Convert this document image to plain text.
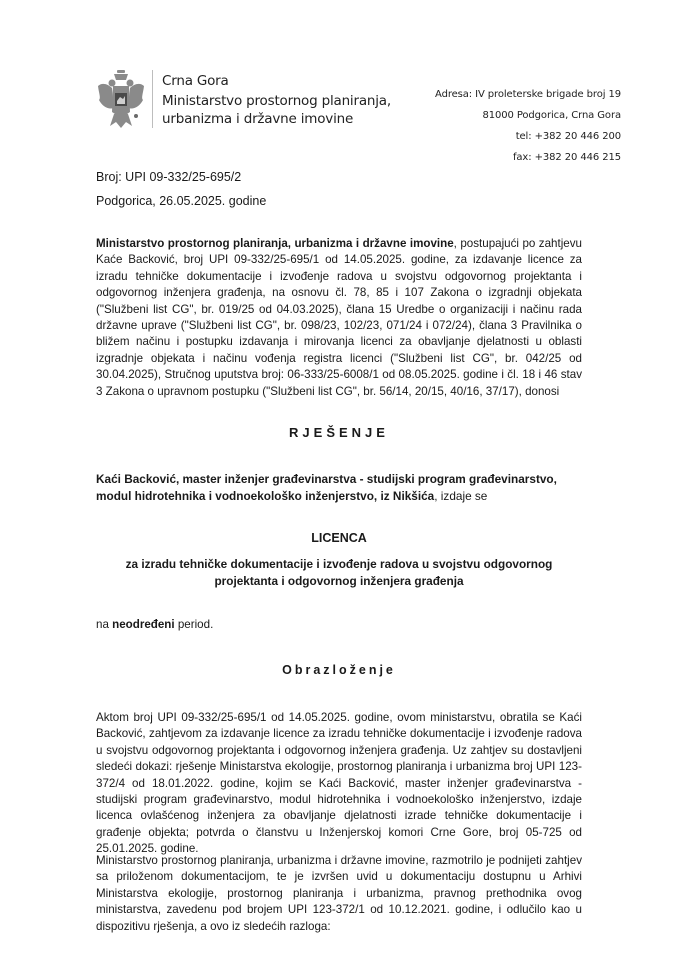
Crna Gora
Ministarstvo prostornog planiranja,
urbanizma i državne imovine
Adresa: IV proleterske brigade broj 19
81000 Podgorica, Crna Gora
tel: +382 20 446 200
fax: +382 20 446 215
Broj: UPI 09-332/25-695/2
Podgorica, 26.05.2025. godine
Ministarstvo prostornog planiranja, urbanizma i državne imovine, postupajući po zahtjevu Kaće Backović, broj UPI 09-332/25-695/1 od 14.05.2025. godine, za izdavanje licence za izradu tehničke dokumentacije i izvođenje radova u svojstvu odgovornog projektanta i odgovornog inženjera građenja, na osnovu čl. 78, 85 i 107 Zakona o izgradnji objekata ("Službeni list CG", br. 019/25 od 04.03.2025), člana 15 Uredbe o organizaciji i načinu rada državne uprave ("Službeni list CG", br. 098/23, 102/23, 071/24 i 072/24), člana 3 Pravilnika o bližem načinu i postupku izdavanja i mirovanja licenci za obavljanje djelatnosti u oblasti izgradnje objekata i načinu vođenja registra licenci ("Službeni list CG", br. 042/25 od 30.04.2025), Stručnog uputstva broj: 06-333/25-6008/1 od 08.05.2025. godine i čl. 18 i 46 stav 3 Zakona o upravnom postupku ("Službeni list CG", br. 56/14, 20/15, 40/16, 37/17), donosi
RJEŠENJE
Kaći Backović, master inženjer građevinarstva - studijski program građevinarstvo, modul hidrotehnika i vodnoekološko inženjerstvo, iz Nikšića, izdaje se
LICENCA
za izradu tehničke dokumentacije i izvođenje radova u svojstvu odgovornog projektanta i odgovornog inženjera građenja
na neodređeni period.
Obrazloženje
Aktom broj UPI 09-332/25-695/1 od 14.05.2025. godine, ovom ministarstvu, obratila se Kaći Backović, zahtjevom za izdavanje licence za izradu tehničke dokumentacije i izvođenje radova u svojstvu odgovornog projektanta i odgovornog inženjera građenja. Uz zahtjev su dostavljeni sledeći dokazi: rješenje Ministarstva ekologije, prostornog planiranja i urbanizma broj UPI 123-372/4 od 18.01.2022. godine, kojim se Kaći Backović, master inženjer građevinarstva - studijski program građevinarstvo, modul hidrotehnika i vodnoekološko inženjerstvo, izdaje licenca ovlašćenog inženjera za obavljanje djelatnosti izrade tehničke dokumentacije i građenje objekta; potvrda o članstvu u Inženjerskoj komori Crne Gore, broj 05-725 od 25.01.2025. godine.
Ministarstvo prostornog planiranja, urbanizma i državne imovine, razmotrilo je podnijeti zahtjev sa priloženom dokumentacijom, te je izvršen uvid u dokumentaciju dostupnu u Arhivi Ministarstva ekologije, prostornog planiranja i urbanizma, pravnog prethodnika ovog ministarstva, zavedenu pod brojem UPI 123-372/1 od 10.12.2021. godine, i odlučilo kao u dispozitivu rješenja, a ovo iz sledećih razloga:
